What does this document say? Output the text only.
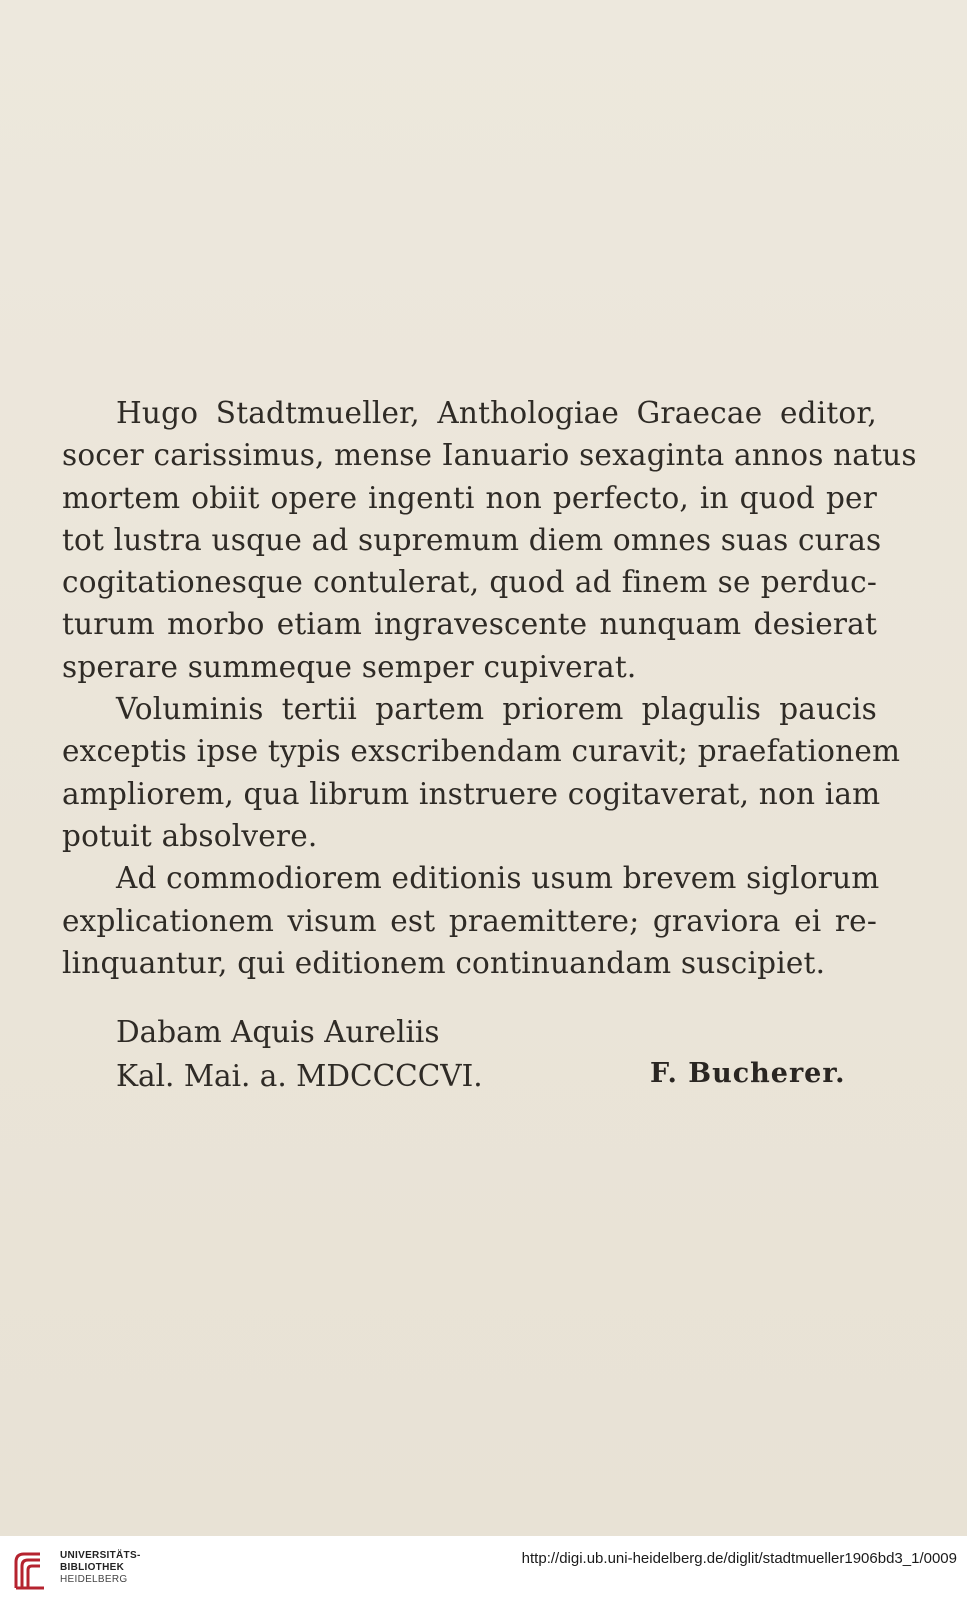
Hugo Stadtmueller, Anthologiae Graecae editor,
socer carissimus, mense Ianuario sexaginta annos natus
mortem obiit opere ingenti non perfecto, in quod per
tot lustra usque ad supremum diem omnes suas curas
cogitationesque contulerat, quod ad finem se perduc-
turum morbo etiam ingravescente nunquam desierat
sperare summeque semper cupiverat.
Voluminis tertii partem priorem plagulis paucis
exceptis ipse typis exscribendam curavit; praefationem
ampliorem, qua librum instruere cogitaverat, non iam
potuit absolvere.
Ad commodiorem editionis usum brevem siglorum
explicationem visum est praemittere; graviora ei re-
linquantur, qui editionem continuandam suscipiet.
Dabam Aquis Aureliis
Kal. Mai. a. MDCCCCVI.	F. Bucherer.
UNIVERSITÄTS-
BIBLIOTHEK
HEIDELBERG
http://digi.ub.uni-heidelberg.de/diglit/stadtmueller1906bd3_1/0009
